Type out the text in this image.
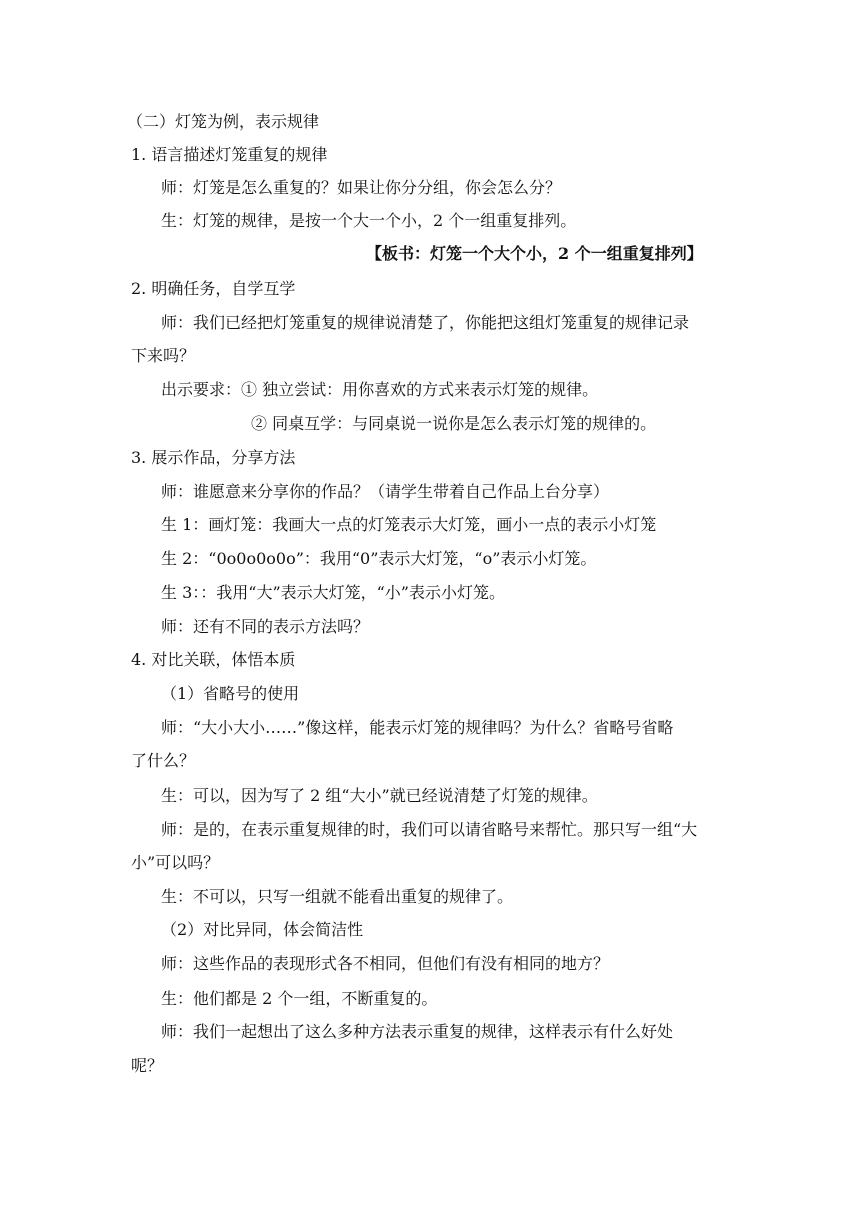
（二）灯笼为例，表示规律
1. 语言描述灯笼重复的规律
师：灯笼是怎么重复的？如果让你分分组，你会怎么分？
生：灯笼的规律，是按一个大一个小，2 个一组重复排列。
【板书：灯笼一个大个小，2 个一组重复排列】
2. 明确任务，自学互学
师：我们已经把灯笼重复的规律说清楚了，你能把这组灯笼重复的规律记录
下来吗？
出示要求：① 独立尝试：用你喜欢的方式来表示灯笼的规律。
② 同桌互学：与同桌说一说你是怎么表示灯笼的规律的。
3. 展示作品，分享方法
师：谁愿意来分享你的作品？（请学生带着自己作品上台分享）
生 1：画灯笼：我画大一点的灯笼表示大灯笼，画小一点的表示小灯笼
生 2：“0o0o0o0o”：我用“0”表示大灯笼，“o”表示小灯笼。
生 3：：我用“大”表示大灯笼，“小”表示小灯笼。
师：还有不同的表示方法吗？
4. 对比关联，体悟本质
（1）省略号的使用
师：“大小大小……”像这样，能表示灯笼的规律吗？为什么？省略号省略
了什么？
生：可以，因为写了 2 组“大小”就已经说清楚了灯笼的规律。
师：是的，在表示重复规律的时，我们可以请省略号来帮忙。那只写一组“大
小”可以吗？
生：不可以，只写一组就不能看出重复的规律了。
（2）对比异同，体会简洁性
师：这些作品的表现形式各不相同，但他们有没有相同的地方？
生：他们都是 2 个一组，不断重复的。
师：我们一起想出了这么多种方法表示重复的规律，这样表示有什么好处
呢？
